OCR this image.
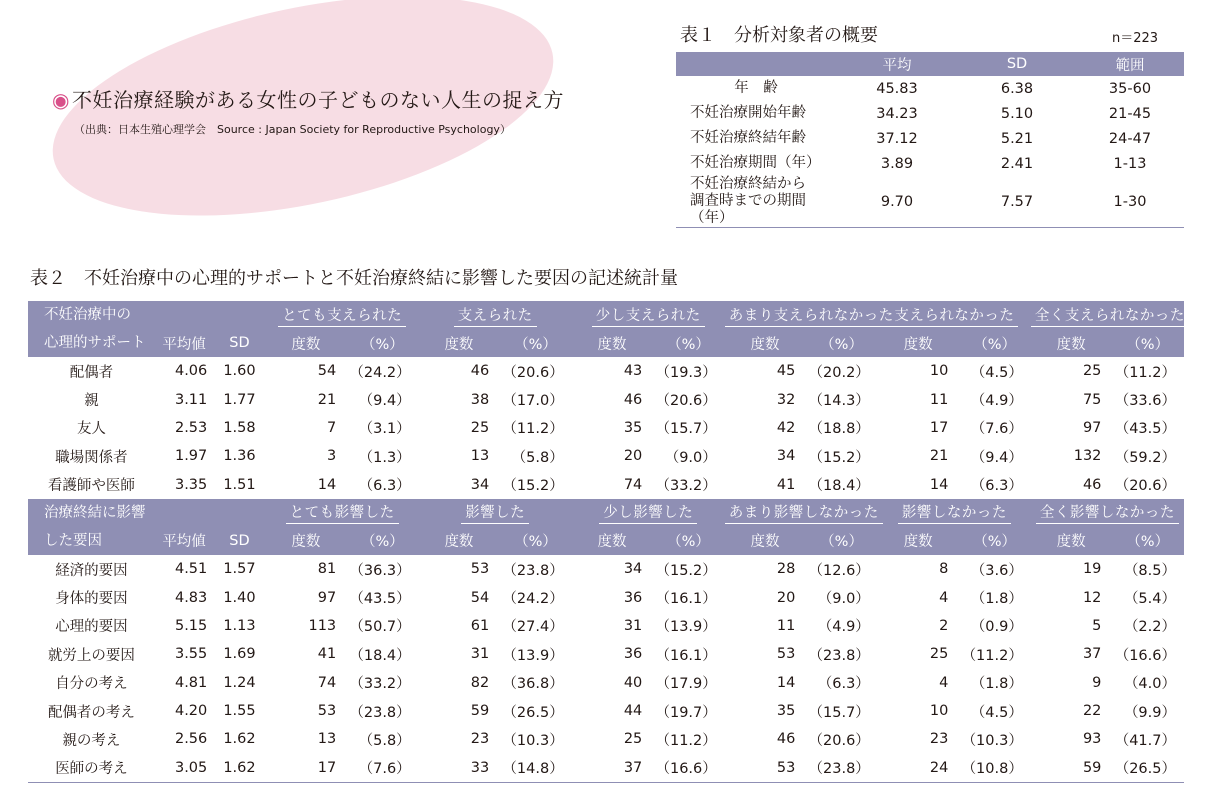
◉ 不妊治療経験がある女性の子どものない人生の捉え方
（出典：日本生殖心理学会　Source : Japan Society for Reproductive Psychology）
表１　分析対象者の概要	n＝223
	平均	SD	範囲
年　齢	45.83	6.38	35-60
不妊治療開始年齢	34.23	5.10	21-45
不妊治療終結年齢	37.12	5.21	24-47
不妊治療期間（年）	3.89	2.41	1-13
不妊治療終結から
調査時までの期間（年）	9.70	7.57	1-30
表２　不妊治療中の心理的サポートと不妊治療終結に影響した要因の記述統計量
不妊治療中の
心理的サポート			とても支えられた		支えられた		少し支えられた		あまり支えられなかった		支えられなかった		全く支えられなかった	
	平均値	SD	度数	（%）	度数	（%）	度数	（%）	度数	（%）	度数	（%）	度数	（%）
配偶者	4.06	1.60	54	（24.2）	46	（20.6）	43	（19.3）	45	（20.2）	10	（4.5）	25	（11.2）
親	3.11	1.77	21	（9.4）	38	（17.0）	46	（20.6）	32	（14.3）	11	（4.9）	75	（33.6）
友人	2.53	1.58	7	（3.1）	25	（11.2）	35	（15.7）	42	（18.8）	17	（7.6）	97	（43.5）
職場関係者	1.97	1.36	3	（1.3）	13	（5.8）	20	（9.0）	34	（15.2）	21	（9.4）	132	（59.2）
看護師や医師	3.35	1.51	14	（6.3）	34	（15.2）	74	（33.2）	41	（18.4）	14	（6.3）	46	（20.6）
治療終結に影響
した要因			とても影響した		影響した		少し影響した		あまり影響しなかった		影響しなかった		全く影響しなかった	
	平均値	SD	度数	（%）	度数	（%）	度数	（%）	度数	（%）	度数	（%）	度数	（%）
経済的要因	4.51	1.57	81	（36.3）	53	（23.8）	34	（15.2）	28	（12.6）	8	（3.6）	19	（8.5）
身体的要因	4.83	1.40	97	（43.5）	54	（24.2）	36	（16.1）	20	（9.0）	4	（1.8）	12	（5.4）
心理的要因	5.15	1.13	113	（50.7）	61	（27.4）	31	（13.9）	11	（4.9）	2	（0.9）	5	（2.2）
就労上の要因	3.55	1.69	41	（18.4）	31	（13.9）	36	（16.1）	53	（23.8）	25	（11.2）	37	（16.6）
自分の考え	4.81	1.24	74	（33.2）	82	（36.8）	40	（17.9）	14	（6.3）	4	（1.8）	9	（4.0）
配偶者の考え	4.20	1.55	53	（23.8）	59	（26.5）	44	（19.7）	35	（15.7）	10	（4.5）	22	（9.9）
親の考え	2.56	1.62	13	（5.8）	23	（10.3）	25	（11.2）	46	（20.6）	23	（10.3）	93	（41.7）
医師の考え	3.05	1.62	17	（7.6）	33	（14.8）	37	（16.6）	53	（23.8）	24	（10.8）	59	（26.5）
